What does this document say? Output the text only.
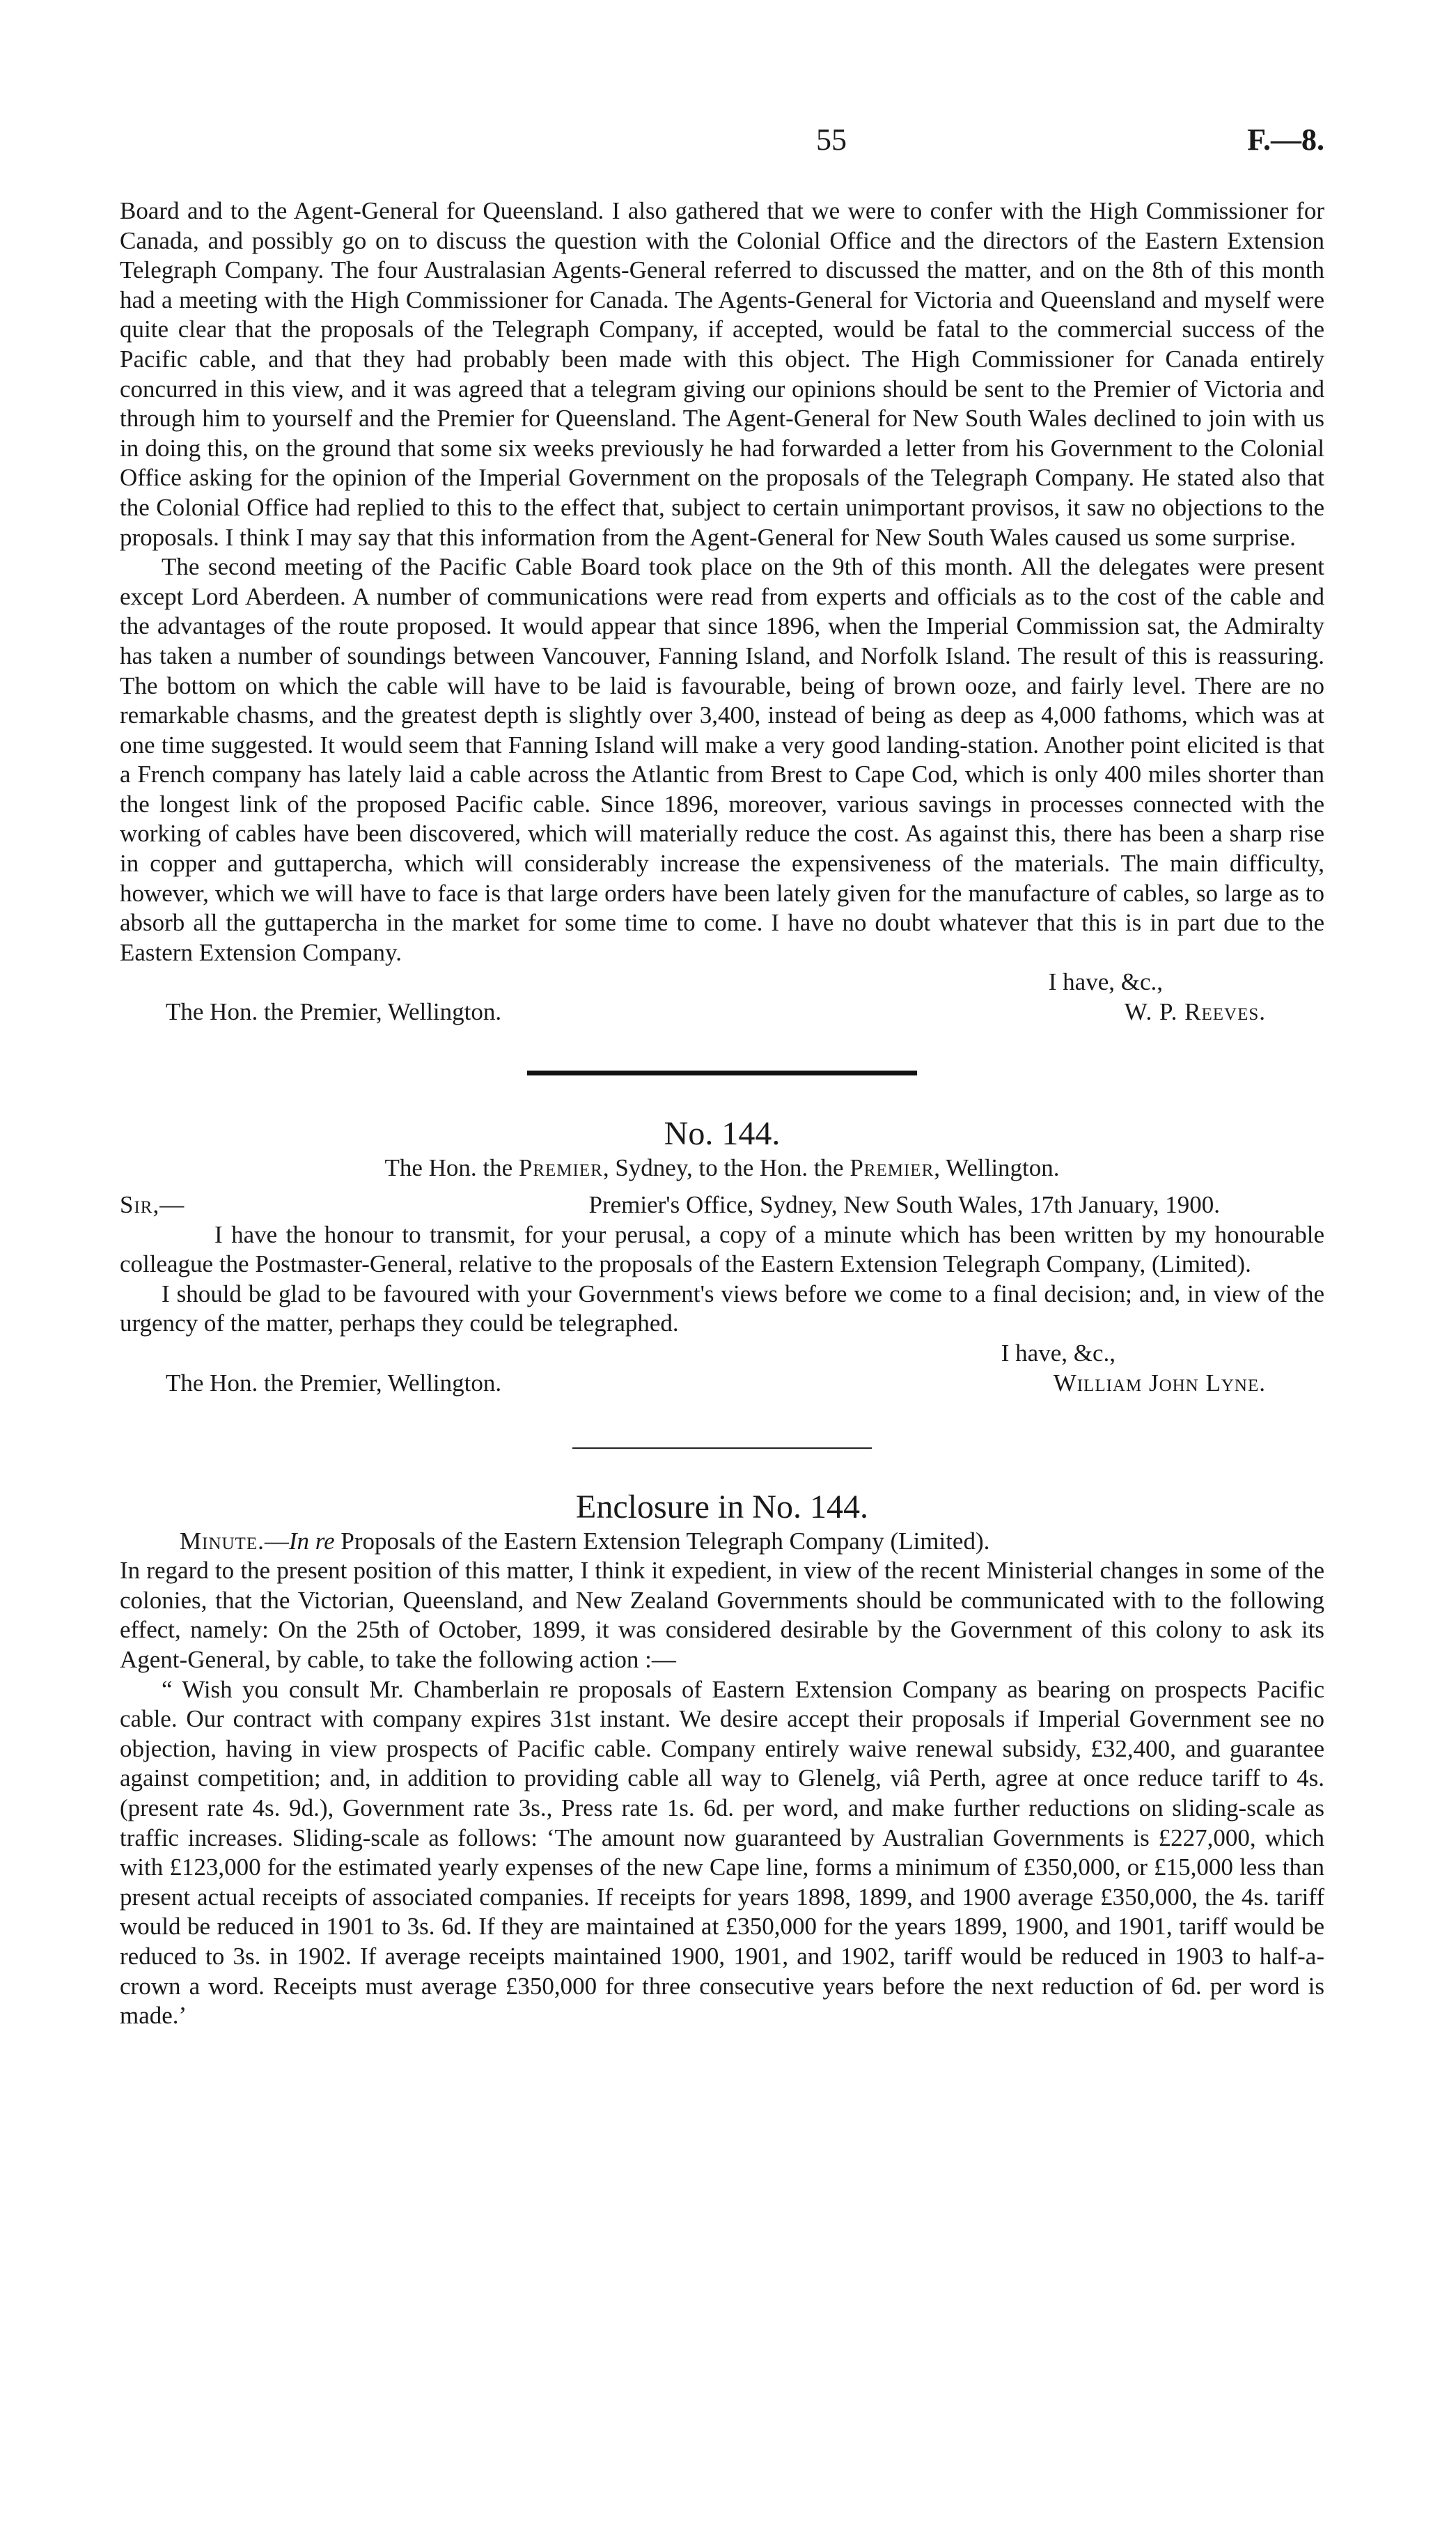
55	F.—8.

Board and to the Agent-General for Queensland. I also gathered that we were to confer with the High Commissioner for Canada, and possibly go on to discuss the question with the Colonial Office and the directors of the Eastern Extension Telegraph Company. The four Australasian Agents-General referred to discussed the matter, and on the 8th of this month had a meeting with the High Commissioner for Canada. The Agents-General for Victoria and Queensland and myself were quite clear that the proposals of the Telegraph Company, if accepted, would be fatal to the commercial success of the Pacific cable, and that they had probably been made with this object. The High Commissioner for Canada entirely concurred in this view, and it was agreed that a telegram giving our opinions should be sent to the Premier of Victoria and through him to yourself and the Premier for Queensland. The Agent-General for New South Wales declined to join with us in doing this, on the ground that some six weeks previously he had forwarded a letter from his Government to the Colonial Office asking for the opinion of the Imperial Government on the proposals of the Telegraph Company. He stated also that the Colonial Office had replied to this to the effect that, subject to certain unimportant provisos, it saw no objections to the proposals. I think I may say that this information from the Agent-General for New South Wales caused us some surprise.

The second meeting of the Pacific Cable Board took place on the 9th of this month. All the delegates were present except Lord Aberdeen. A number of communications were read from experts and officials as to the cost of the cable and the advantages of the route proposed. It would appear that since 1896, when the Imperial Commission sat, the Admiralty has taken a number of soundings between Vancouver, Fanning Island, and Norfolk Island. The result of this is reassuring. The bottom on which the cable will have to be laid is favourable, being of brown ooze, and fairly level. There are no remarkable chasms, and the greatest depth is slightly over 3,400, instead of being as deep as 4,000 fathoms, which was at one time suggested. It would seem that Fanning Island will make a very good landing-station. Another point elicited is that a French company has lately laid a cable across the Atlantic from Brest to Cape Cod, which is only 400 miles shorter than the longest link of the proposed Pacific cable. Since 1896, moreover, various savings in processes connected with the working of cables have been discovered, which will materially reduce the cost. As against this, there has been a sharp rise in copper and guttapercha, which will considerably increase the expensiveness of the materials. The main difficulty, however, which we will have to face is that large orders have been lately given for the manufacture of cables, so large as to absorb all the guttapercha in the market for some time to come. I have no doubt whatever that this is in part due to the Eastern Extension Company.

I have, &c.,
The Hon. the Premier, Wellington.	W. P. Reeves.
No. 144.
The Hon. the Premier, Sydney, to the Hon. the Premier, Wellington.
Sir,—	Premier's Office, Sydney, New South Wales, 17th January, 1900.

I have the honour to transmit, for your perusal, a copy of a minute which has been written by my honourable colleague the Postmaster-General, relative to the proposals of the Eastern Extension Telegraph Company, (Limited).

I should be glad to be favoured with your Government's views before we come to a final decision; and, in view of the urgency of the matter, perhaps they could be telegraphed.

I have, &c.,
The Hon. the Premier, Wellington.	William John Lyne.
Enclosure in No. 144.
Minute.—In re Proposals of the Eastern Extension Telegraph Company (Limited).

In regard to the present position of this matter, I think it expedient, in view of the recent Ministerial changes in some of the colonies, that the Victorian, Queensland, and New Zealand Governments should be communicated with to the following effect, namely: On the 25th of October, 1899, it was considered desirable by the Government of this colony to ask its Agent-General, by cable, to take the following action :—

“ Wish you consult Mr. Chamberlain re proposals of Eastern Extension Company as bearing on prospects Pacific cable. Our contract with company expires 31st instant. We desire accept their proposals if Imperial Government see no objection, having in view prospects of Pacific cable. Company entirely waive renewal subsidy, £32,400, and guarantee against competition; and, in addition to providing cable all way to Glenelg, viâ Perth, agree at once reduce tariff to 4s. (present rate 4s. 9d.), Government rate 3s., Press rate 1s. 6d. per word, and make further reductions on sliding-scale as traffic increases. Sliding-scale as follows: ‘The amount now guaranteed by Australian Governments is £227,000, which with £123,000 for the estimated yearly expenses of the new Cape line, forms a minimum of £350,000, or £15,000 less than present actual receipts of associated companies. If receipts for years 1898, 1899, and 1900 average £350,000, the 4s. tariff would be reduced in 1901 to 3s. 6d. If they are maintained at £350,000 for the years 1899, 1900, and 1901, tariff would be reduced to 3s. in 1902. If average receipts maintained 1900, 1901, and 1902, tariff would be reduced in 1903 to half-a-crown a word. Receipts must average £350,000 for three consecutive years before the next reduction of 6d. per word is made.’
